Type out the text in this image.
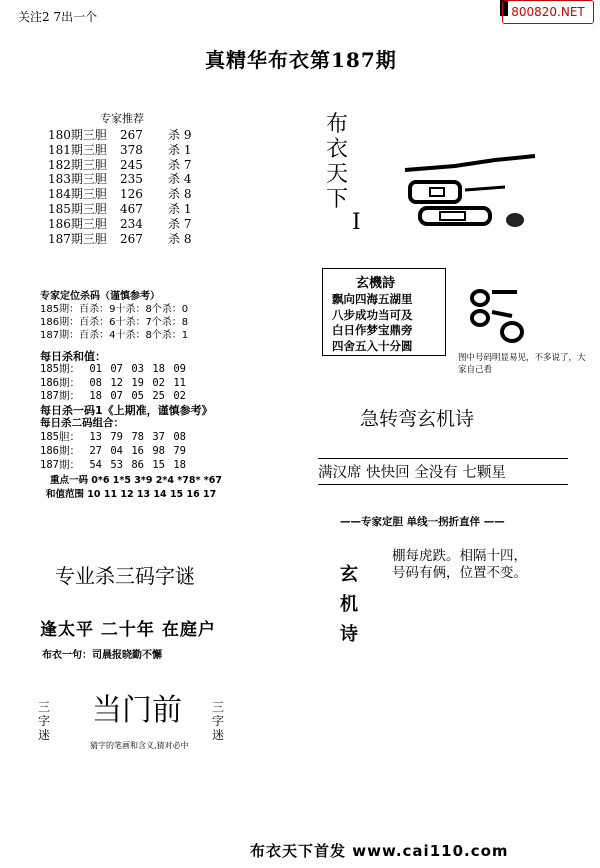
关注2 7出一个	800820.NET
真精华布衣第187期
专家推荐
180期三胆	267	杀 9
181期三胆	378	杀 1
182期三胆	245	杀 7
183期三胆	235	杀 4
184期三胆	126	杀 8
185期三胆	467	杀 1
186期三胆	234	杀 7
187期三胆	267	杀 8
专家定位杀码（谨慎参考）
185期：百杀：9十杀：8个杀：0
186期：百杀：6十杀：7个杀：8
187期：百杀：4十杀：8个杀：1
每日杀和值：
185期： 01 07 03 18 09
186期： 08 12 19 02 11
187期： 18 07 05 25 02
每日杀一码1《上期准，谨慎参考》
每日杀二码组合：
185胆： 13 79 78 37 08
186期： 27 04 16 98 79
187期： 54 53 86 15 18
重点一码 0*6 1*5 3*9 2*4 *78* *67
和值范围 10 11 12 13 14 15 16 17
专业杀三码字谜
逢太平 二十年 在庭户
布衣一句：司晨报晓勤不懈
三字迷
当门前	三字迷
猜字的笔画和含义,猜对必中
布衣天下
I
玄機詩
飘向四海五湖里
八步成功当可及
白日作梦宝鼎旁
四舍五入十分圆
图中号码明显易见，不多说了，大家自己看
急转弯玄机诗
满汉席 快快回 全没有 七颗星
——专家定胆 单线一拐折直伴 ——
玄机诗
棚每虎跌。相隔十四，
号码有俩，位置不变。
布衣天下首发 www.cai110.com
